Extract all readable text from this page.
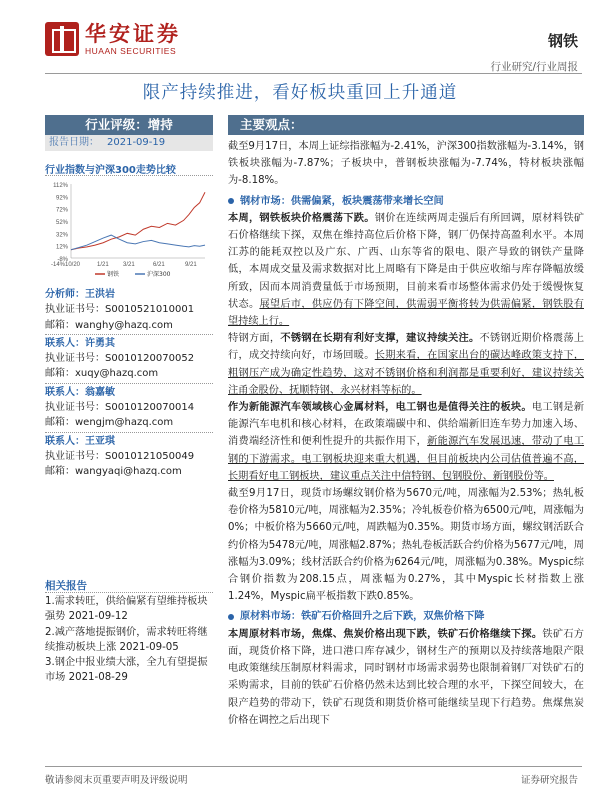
华安证券
HUAAN SECURITIES
钢铁
行业研究/行业周报
限产持续推进，看好板块重回上升通道
行业评级：增持
报告日期： 2021-09-19
行业指数与沪深300走势比较
112%
92%
72%
52%
32%
12%
-8%
-14%10/20	1/21 3/21	6/21	9/21
钢铁	沪深300
分析师：王洪岩
执业证书号：S0010521010001
邮箱：wanghy@hazq.com
联系人：许勇其
执业证书号：S0010120070052
邮箱：xuqy@hazq.com
联系人：翁嘉敏
执业证书号：S0010120070014
邮箱：wengjm@hazq.com
联系人：王亚琪
执业证书号：S0010121050049
邮箱：wangyaqi@hazq.com
相关报告
1.需求转旺，供给偏紧有望维持板块强势 2021-09-12
2.减产落地提振钢价，需求转旺将继续推动板块上涨 2021-09-05
3.钢企中报业绩大涨，全九有望提振市场 2021-08-29
主要观点：

截至9月17日，本周上证综指涨幅为-2.41%，沪深300指数涨幅为-3.14%，钢铁板块涨幅为-7.87%；子板块中，普钢板块涨幅为-7.74%，特材板块涨幅为-8.18%。

钢材市场：供需偏紧，板块震荡带来增长空间

本周，钢铁板块价格震荡下跌。钢价在连续两周走强后有所回调，原材料铁矿石价格继续下探，双焦在维持高位后价格下降，钢厂仍保持高盈利水平。本周江苏的能耗双控以及广东、广西、山东等省的限电、限产导致的钢铁产量降低，本周成交量及需求数据对比上周略有下降是由于供应收缩与库存降幅放缓所致，因而本周消费量低于市场预期，目前来看市场整体需求仍处于缓慢恢复状态。展望后市，供应仍有下降空间，供需弱平衡将转为供需偏紧，钢铁股有望持续上行。

特钢方面，不锈钢在长期有利好支撑，建议持续关注。不锈钢近期价格震荡上行，成交持续向好，市场回暖。长期来看，在国家出台的碳达峰政策支持下，粗钢压产成为确定性趋势，这对不锈钢价格和利润都是重要利好，建议持续关注甬金股份、抚顺特钢、永兴材料等标的。

作为新能源汽车领域核心金属材料，电工钢也是值得关注的板块。电工钢是新能源汽车电机和核心材料，在政策端碳中和、供给端新旧连车势力加速入场、消费端经济性和便利性提升的共振作用下，新能源汽车发展迅速，带动了电工钢的下游需求。电工钢板块迎来重大机遇，但目前板块内公司估值普遍不高，长期看好电工钢板块，建议重点关注中信特钢、包钢股份、新钢股份等。

截至9月17日，现货市场螺纹钢价格为5670元/吨，周涨幅为2.53%；热轧板卷价格为5810元/吨，周涨幅为2.35%；冷轧板卷价格为6500元/吨，周涨幅为0%；中板价格为5660元/吨，周跌幅为0.35%。期货市场方面，螺纹钢活跃合约价格为5478元/吨，周涨幅2.87%；热轧卷板活跃合约价格为5677元/吨，周涨幅为3.09%；线材活跃合约价格为6264元/吨，周涨幅为0.38%。Myspic综合钢价指数为208.15点，周涨幅为0.27%，其中Myspic长材指数上涨1.24%，Myspic扁平板指数下跌0.85%。

原材料市场：铁矿石价格回升之后下跌，双焦价格下降

本周原材料市场，焦煤、焦炭价格出现下跌，铁矿石价格继续下探。铁矿石方面，现货价格下降，进口港口库存减少，钢材生产的预期以及持续落地限产限电政策继续压制原材料需求，同时钢材市场需求弱势也限制着钢厂对铁矿石的采购需求，目前的铁矿石价格仍然未达到比较合理的水平，下探空间较大，在限产趋势的带动下，铁矿石现货和期货价格可能继续呈现下行趋势。焦煤焦炭价格在调控之后出现下

敬请参阅末页重要声明及评级说明	证券研究报告
